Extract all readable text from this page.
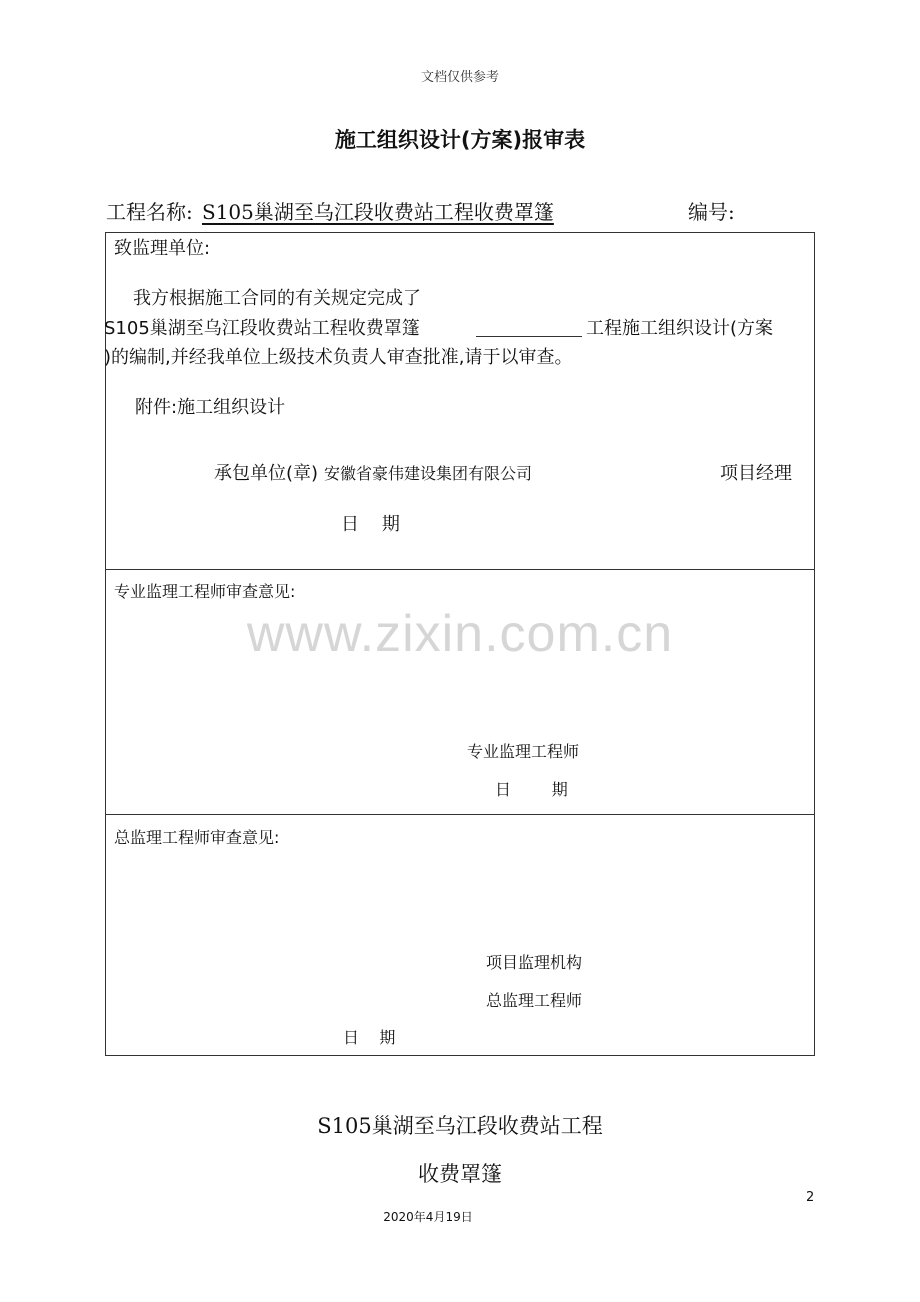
文档仅供参考
施工组织设计(方案)报审表
工程名称: S105巢湖至乌江段收费站工程收费罩篷	编号:
致监理单位:
我方根据施工合同的有关规定完成了
S105巢湖至乌江段收费站工程收费罩篷	工程施工组织设计(方案
)的编制,并经我单位上级技术负责人审查批准,请于以审查。
附件:施工组织设计
承包单位(章) 安徽省豪伟建设集团有限公司	项目经理
日    期
专业监理工程师审查意见:
www.zixin.com.cn
专业监理工程师
日        期
总监理工程师审查意见:
项目监理机构
总监理工程师
日    期
S105巢湖至乌江段收费站工程
收费罩篷
2
2020年4月19日
